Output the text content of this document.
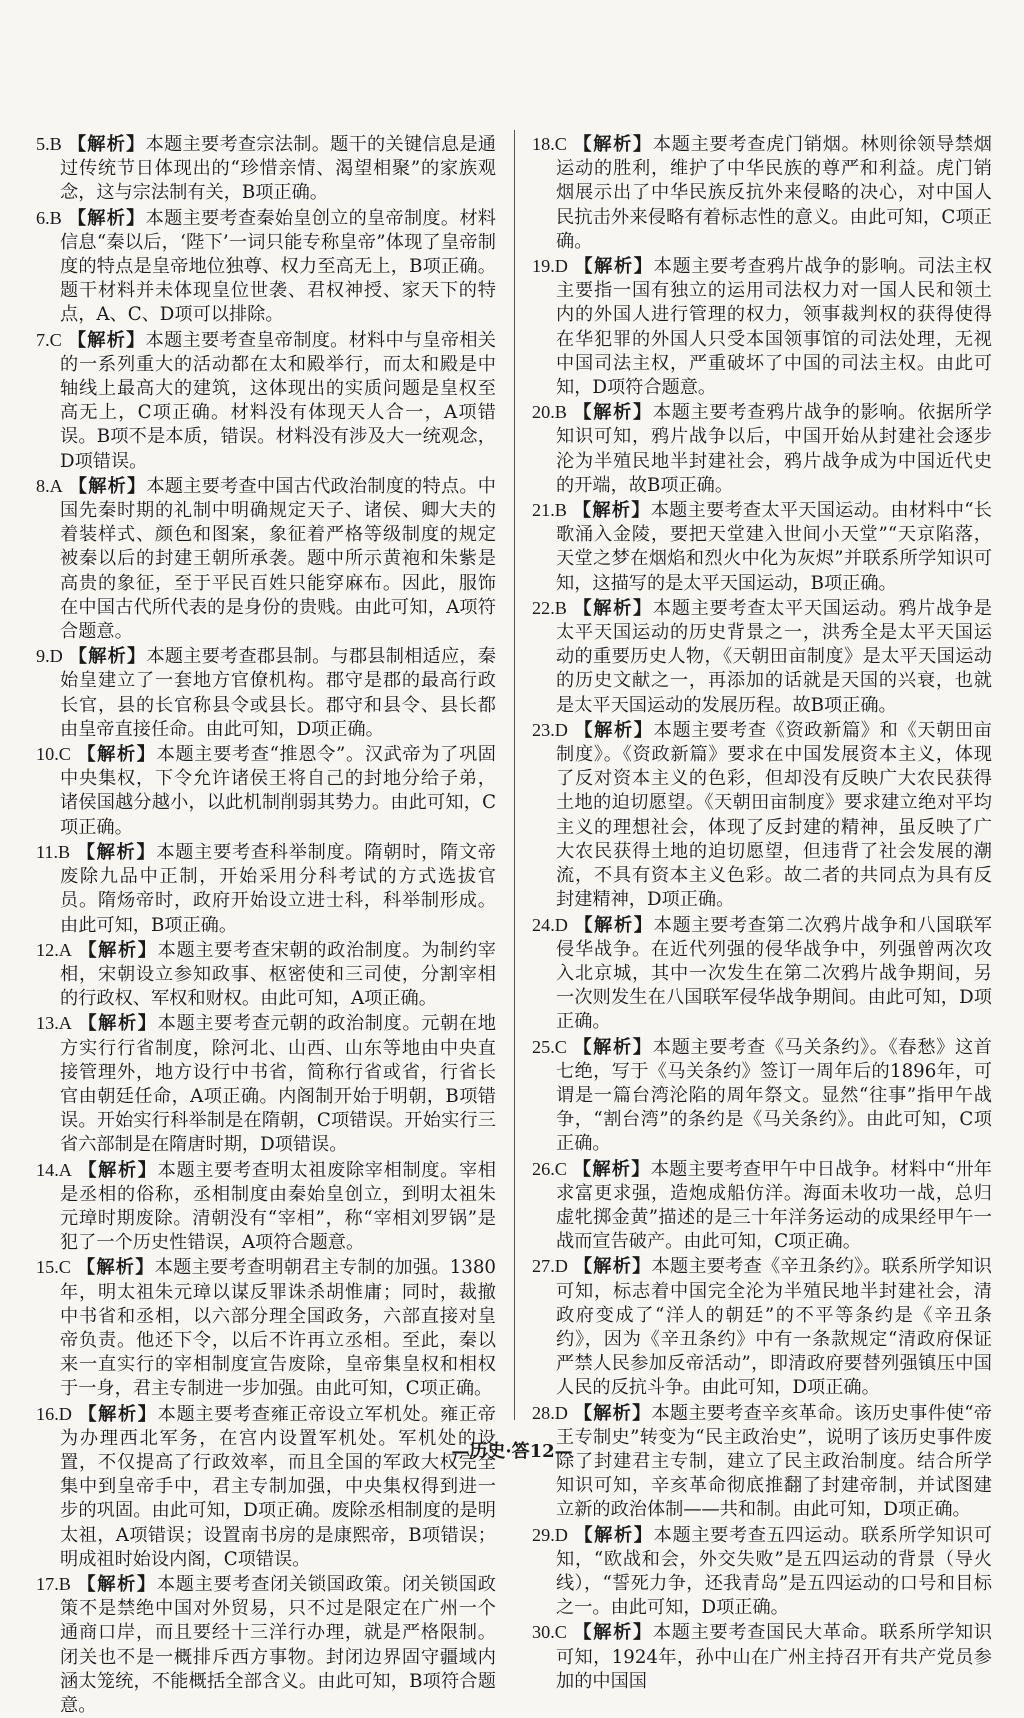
5.B 【解析】本题主要考查宗法制。题干的关键信息是通过传统节日体现出的“珍惜亲情、渴望相聚”的家族观念，这与宗法制有关，B项正确。

6.B 【解析】本题主要考查秦始皇创立的皇帝制度。材料信息“秦以后，‘陛下’一词只能专称皇帝”体现了皇帝制度的特点是皇帝地位独尊、权力至高无上，B项正确。题干材料并未体现皇位世袭、君权神授、家天下的特点，A、C、D项可以排除。

7.C 【解析】本题主要考查皇帝制度。材料中与皇帝相关的一系列重大的活动都在太和殿举行，而太和殿是中轴线上最高大的建筑，这体现出的实质问题是皇权至高无上，C项正确。材料没有体现天人合一，A项错误。B项不是本质，错误。材料没有涉及大一统观念，D项错误。

8.A 【解析】本题主要考查中国古代政治制度的特点。中国先秦时期的礼制中明确规定天子、诸侯、卿大夫的着装样式、颜色和图案，象征着严格等级制度的规定被秦以后的封建王朝所承袭。题中所示黄袍和朱紫是高贵的象征，至于平民百姓只能穿麻布。因此，服饰在中国古代所代表的是身份的贵贱。由此可知，A项符合题意。

9.D 【解析】本题主要考查郡县制。与郡县制相适应，秦始皇建立了一套地方官僚机构。郡守是郡的最高行政长官，县的长官称县令或县长。郡守和县令、县长都由皇帝直接任命。由此可知，D项正确。

10.C 【解析】本题主要考查“推恩令”。汉武帝为了巩固中央集权，下令允许诸侯王将自己的封地分给子弟，诸侯国越分越小，以此机制削弱其势力。由此可知，C项正确。

11.B 【解析】本题主要考查科举制度。隋朝时，隋文帝废除九品中正制，开始采用分科考试的方式选拔官员。隋炀帝时，政府开始设立进士科，科举制形成。由此可知，B项正确。

12.A 【解析】本题主要考查宋朝的政治制度。为制约宰相，宋朝设立参知政事、枢密使和三司使，分割宰相的行政权、军权和财权。由此可知，A项正确。

13.A 【解析】本题主要考查元朝的政治制度。元朝在地方实行行省制度，除河北、山西、山东等地由中央直接管理外，地方设行中书省，简称行省或省，行省长官由朝廷任命，A项正确。内阁制开始于明朝，B项错误。开始实行科举制是在隋朝，C项错误。开始实行三省六部制是在隋唐时期，D项错误。

14.A 【解析】本题主要考查明太祖废除宰相制度。宰相是丞相的俗称，丞相制度由秦始皇创立，到明太祖朱元璋时期废除。清朝没有“宰相”，称“宰相刘罗锅”是犯了一个历史性错误，A项符合题意。

15.C 【解析】本题主要考查明朝君主专制的加强。1380年，明太祖朱元璋以谋反罪诛杀胡惟庸；同时，裁撤中书省和丞相，以六部分理全国政务，六部直接对皇帝负责。他还下令，以后不许再立丞相。至此，秦以来一直实行的宰相制度宣告废除，皇帝集皇权和相权于一身，君主专制进一步加强。由此可知，C项正确。

16.D 【解析】本题主要考查雍正帝设立军机处。雍正帝为办理西北军务，在宫内设置军机处。军机处的设置，不仅提高了行政效率，而且全国的军政大权完全集中到皇帝手中，君主专制加强，中央集权得到进一步的巩固。由此可知，D项正确。废除丞相制度的是明太祖，A项错误；设置南书房的是康熙帝，B项错误；明成祖时始设内阁，C项错误。

17.B 【解析】本题主要考查闭关锁国政策。闭关锁国政策不是禁绝中国对外贸易，只不过是限定在广州一个通商口岸，而且要经十三洋行办理，就是严格限制。闭关也不是一概排斥西方事物。封闭边界固守疆域内涵太笼统，不能概括全部含义。由此可知，B项符合题意。

18.C 【解析】本题主要考查虎门销烟。林则徐领导禁烟运动的胜利，维护了中华民族的尊严和利益。虎门销烟展示出了中华民族反抗外来侵略的决心，对中国人民抗击外来侵略有着标志性的意义。由此可知，C项正确。

19.D 【解析】本题主要考查鸦片战争的影响。司法主权主要指一国有独立的运用司法权力对一国人民和领土内的外国人进行管理的权力，领事裁判权的获得使得在华犯罪的外国人只受本国领事馆的司法处理，无视中国司法主权，严重破坏了中国的司法主权。由此可知，D项符合题意。

20.B 【解析】本题主要考查鸦片战争的影响。依据所学知识可知，鸦片战争以后，中国开始从封建社会逐步沦为半殖民地半封建社会，鸦片战争成为中国近代史的开端，故B项正确。

21.B 【解析】本题主要考查太平天国运动。由材料中“长歌涌入金陵，要把天堂建入世间小天堂”“天京陷落，天堂之梦在烟焰和烈火中化为灰烬”并联系所学知识可知，这描写的是太平天国运动，B项正确。

22.B 【解析】本题主要考查太平天国运动。鸦片战争是太平天国运动的历史背景之一，洪秀全是太平天国运动的重要历史人物，《天朝田亩制度》是太平天国运动的历史文献之一，再添加的话就是天国的兴衰，也就是太平天国运动的发展历程。故B项正确。

23.D 【解析】本题主要考查《资政新篇》和《天朝田亩制度》。《资政新篇》要求在中国发展资本主义，体现了反对资本主义的色彩，但却没有反映广大农民获得土地的迫切愿望。《天朝田亩制度》要求建立绝对平均主义的理想社会，体现了反封建的精神，虽反映了广大农民获得土地的迫切愿望，但违背了社会发展的潮流，不具有资本主义色彩。故二者的共同点为具有反封建精神，D项正确。

24.D 【解析】本题主要考查第二次鸦片战争和八国联军侵华战争。在近代列强的侵华战争中，列强曾两次攻入北京城，其中一次发生在第二次鸦片战争期间，另一次则发生在八国联军侵华战争期间。由此可知，D项正确。

25.C 【解析】本题主要考查《马关条约》。《春愁》这首七绝，写于《马关条约》签订一周年后的1896年，可谓是一篇台湾沦陷的周年祭文。显然“往事”指甲午战争，“割台湾”的条约是《马关条约》。由此可知，C项正确。

26.C 【解析】本题主要考查甲午中日战争。材料中“卅年求富更求强，造炮成船仿洋。海面未收功一战，总归虚牝掷金黄”描述的是三十年洋务运动的成果经甲午一战而宣告破产。由此可知，C项正确。

27.D 【解析】本题主要考查《辛丑条约》。联系所学知识可知，标志着中国完全沦为半殖民地半封建社会，清政府变成了“洋人的朝廷”的不平等条约是《辛丑条约》，因为《辛丑条约》中有一条款规定“清政府保证严禁人民参加反帝活动”，即清政府要替列强镇压中国人民的反抗斗争。由此可知，D项正确。

28.D 【解析】本题主要考查辛亥革命。该历史事件使“帝王专制史”转变为“民主政治史”，说明了该历史事件废除了封建君主专制，建立了民主政治制度。结合所学知识可知，辛亥革命彻底推翻了封建帝制，并试图建立新的政治体制——共和制。由此可知，D项正确。

29.D 【解析】本题主要考查五四运动。联系所学知识可知，“欧战和会，外交失败”是五四运动的背景（导火线），“誓死力争，还我青岛”是五四运动的口号和目标之一。由此可知，D项正确。

30.C 【解析】本题主要考查国民大革命。联系所学知识可知，1924年，孙中山在广州主持召开有共产党员参加的中国国

—历史·答12—
